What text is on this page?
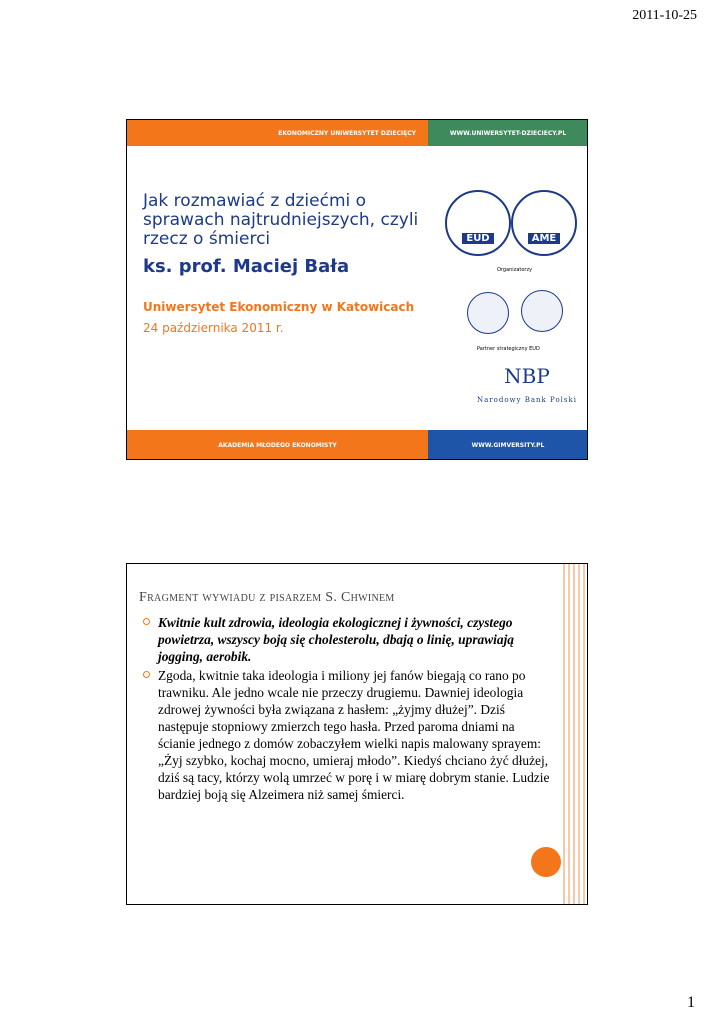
2011-10-25
EKONOMICZNY UNIWERSYTET DZIECIĘCY	WWW.UNIWERSYTET-DZIECIECY.PL
Jak rozmawiać z dziećmi o sprawach najtrudniejszych, czyli rzecz o śmierci
ks. prof. Maciej Bała
Uniwersytet Ekonomiczny w Katowicach
24 października 2011 r.
EUD	AME
Organizatorzy
Partner strategiczny EUD
NBP
Narodowy Bank Polski
AKADEMIA MŁODEGO EKONOMISTY	WWW.GIMVERSITY.PL
Fragment wywiadu z pisarzem S. Chwinem
Kwitnie kult zdrowia, ideologia ekologicznej i żywności, czystego powietrza, wszyscy boją się cholesterolu, dbają o linię, uprawiają jogging, aerobik.
Zgoda, kwitnie taka ideologia i miliony jej fanów biegają co rano po trawniku. Ale jedno wcale nie przeczy drugiemu. Dawniej ideologia zdrowej żywności była związana z hasłem: „żyjmy dłużej”. Dziś następuje stopniowy zmierzch tego hasła. Przed paroma dniami na ścianie jednego z domów zobaczyłem wielki napis malowany sprayem: „Żyj szybko, kochaj mocno, umieraj młodo”. Kiedyś chciano żyć dłużej, dziś są tacy, którzy wolą umrzeć w porę i w miarę dobrym stanie. Ludzie bardziej boją się Alzeimera niż samej śmierci.
1
